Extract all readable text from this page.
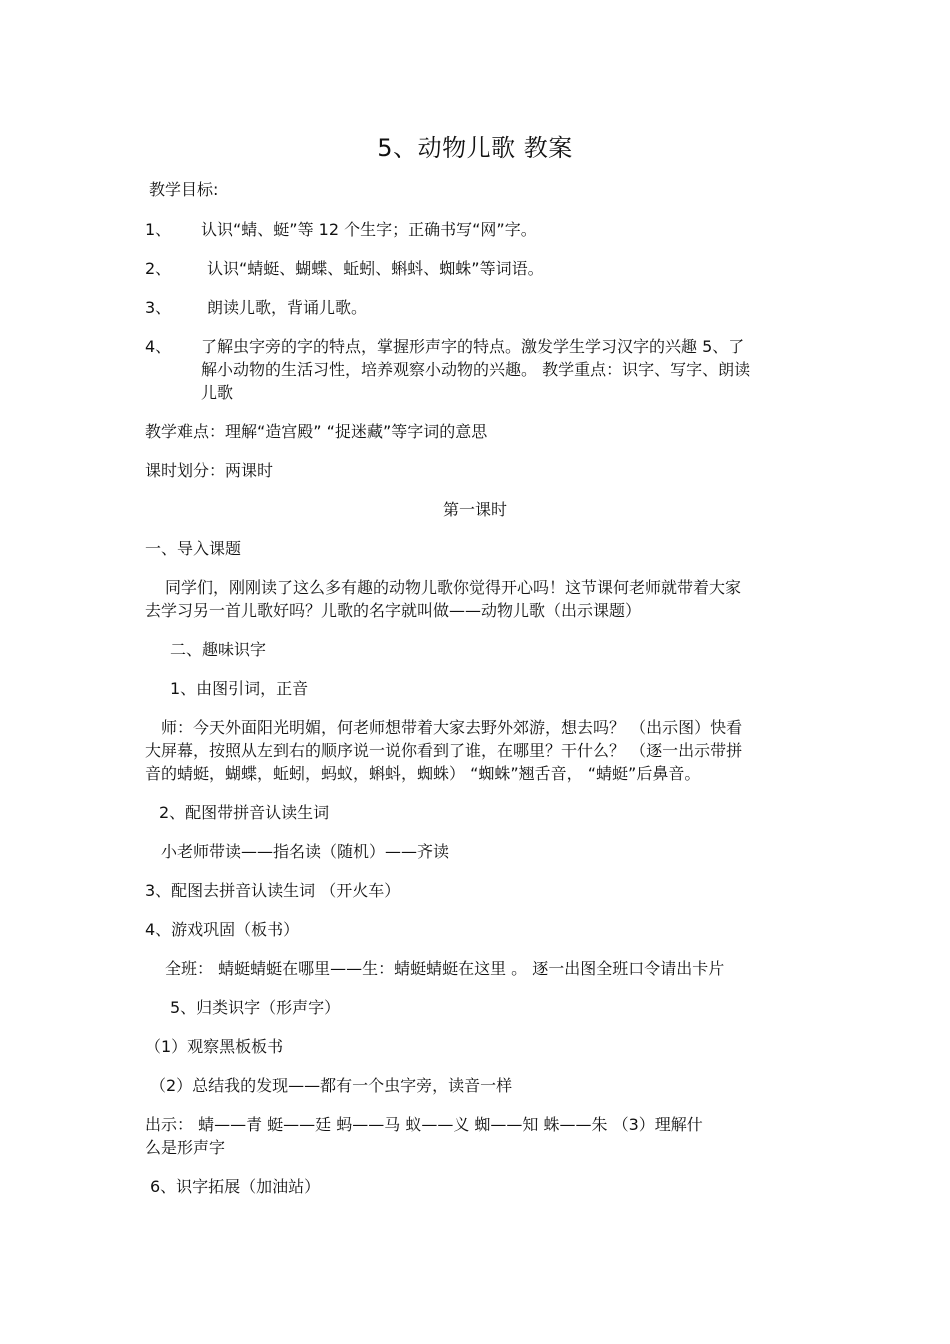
5、动物儿歌 教案
教学目标:
1、 认识“蜻、蜓”等 12 个生字；正确书写“网”字。
2、 认识“蜻蜓、蝴蝶、蚯蚓、蝌蚪、蜘蛛”等词语。
3、 朗读儿歌，背诵儿歌。
4、 了解虫字旁的字的特点，掌握形声字的特点。激发学生学习汉字的兴趣 5、了
解小动物的生活习性，培养观察小动物的兴趣。 教学重点：识字、写字、朗读
儿歌
教学难点：理解“造宫殿” “捉迷藏”等字词的意思
课时划分：两课时
第一课时
一、导入课题
同学们，刚刚读了这么多有趣的动物儿歌你觉得开心吗！这节课何老师就带着大家
去学习另一首儿歌好吗？儿歌的名字就叫做——动物儿歌（出示课题）
二、趣味识字
1、由图引词，正音
师：今天外面阳光明媚，何老师想带着大家去野外郊游，想去吗？ （出示图）快看
大屏幕，按照从左到右的顺序说一说你看到了谁，在哪里？干什么？ （逐一出示带拼
音的蜻蜓，蝴蝶，蚯蚓，蚂蚁，蝌蚪，蜘蛛） “蜘蛛”翘舌音， “蜻蜓”后鼻音。
2、配图带拼音认读生词
小老师带读——指名读（随机）——齐读
3、配图去拼音认读生词 （开火车）
4、游戏巩固（板书）
全班： 蜻蜓蜻蜓在哪里——生：蜻蜓蜻蜓在这里 。 逐一出图全班口令请出卡片
5、归类识字（形声字）
（1）观察黑板板书
（2）总结我的发现——都有一个虫字旁，读音一样
出示： 蜻——青 蜓——廷 蚂——马 蚁——义 蜘——知 蛛——朱 （3）理解什
么是形声字
6、识字拓展（加油站）
